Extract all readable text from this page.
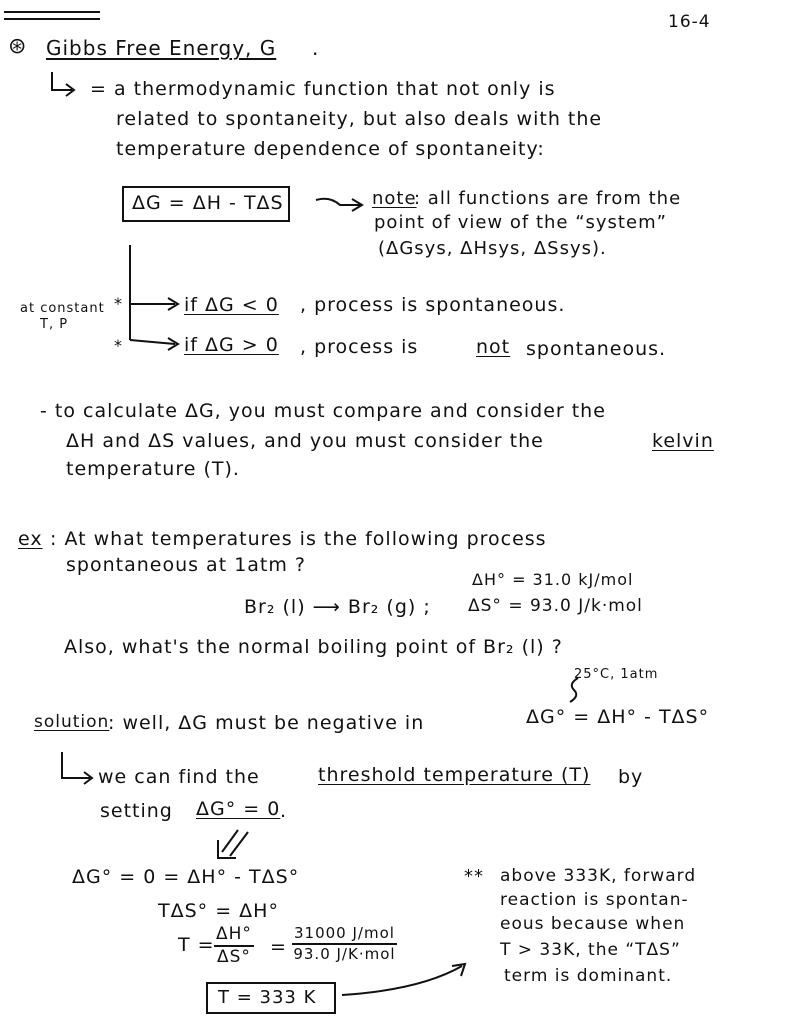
16-4
⊛ Gibbs Free Energy, G .
= a thermodynamic function that not only is
related to spontaneity, but also deals with the
temperature dependence of spontaneity:
ΔG = ΔH - TΔS	note
: all functions are from the
point of view of the “system”
(ΔGsys, ΔHsys, ΔSsys).
at constant
T, P
*
*
if ΔG < 0 , process is spontaneous.
if ΔG > 0 , process is	not spontaneous.
- to calculate ΔG, you must compare and consider the
ΔH and ΔS values, and you must consider the	kelvin
temperature (T).
ex : At what temperatures is the following process
spontaneous at 1atm ?
ΔH° = 31.0 kJ/mol
Br₂ (l) ⟶ Br₂ (g) ; ΔS° = 93.0 J/k·mol
Also, what's the normal boiling point of Br₂ (l) ?
25°C, 1atm
solution
: well, ΔG must be negative in	ΔG° = ΔH° - TΔS°
we can find the	threshold temperature (T) by
setting ΔG° = 0 .
ΔG° = 0 = ΔH° - TΔS°
TΔS° = ΔH°
$T = \frac{\Delta H^\circ}{\Delta S^\circ}$ =
31000 J/mol
93.0 J/K·mol
T = 333 K
** above 333K, forward
reaction is spontan-
eous because when
T > 33K, the “TΔS”
term is dominant.
